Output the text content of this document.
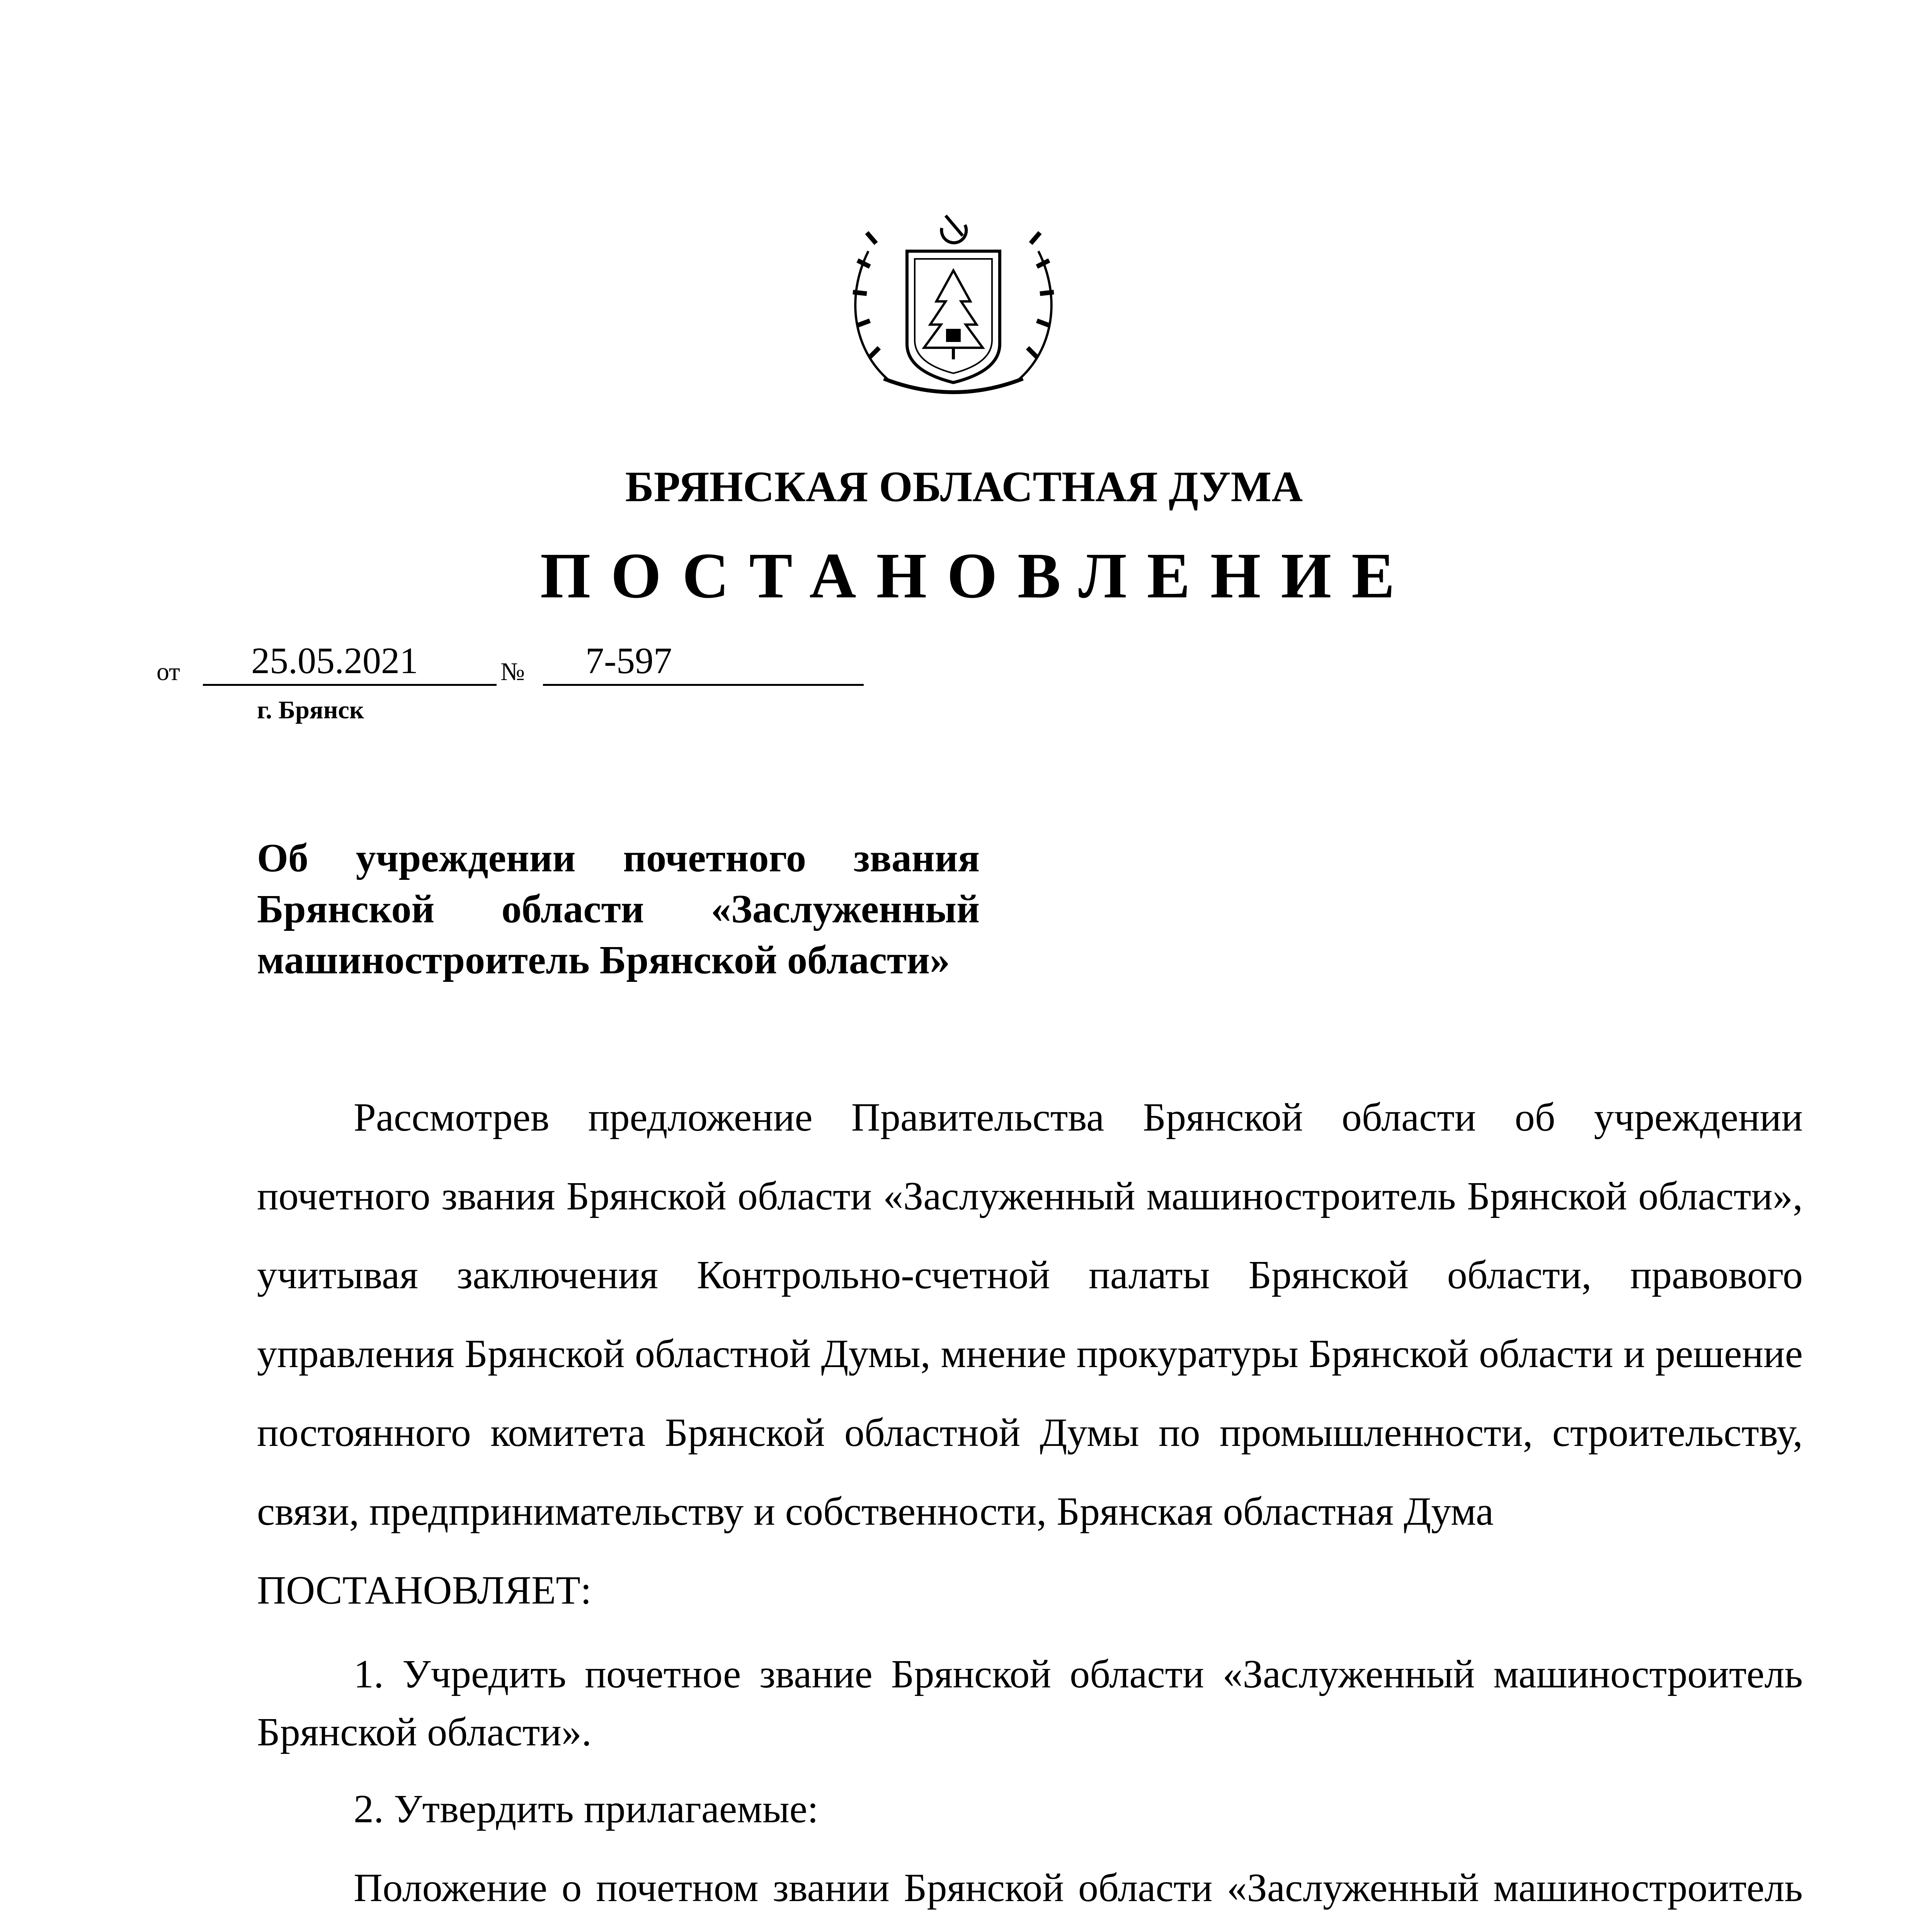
БРЯНСКАЯ ОБЛАСТНАЯ ДУМА
ПОСТАНОВЛЕНИЕ
от 25.05.2021	№ 7-597
г. Брянск
Об учреждении почетного звания Брянской области «Заслуженный машиностроитель Брянской области»

Рассмотрев предложение Правительства Брянской области об учреждении почетного звания Брянской области «Заслуженный машиностроитель Брянской области», учитывая заключения Контрольно-счетной палаты Брянской области, правового управления Брянской областной Думы, мнение прокуратуры Брянской области и решение постоянного комитета Брянской областной Думы по промышленности, строительству, связи, предпринимательству и собственности, Брянская областная Дума

ПОСТАНОВЛЯЕТ:

1. Учредить почетное звание Брянской области «Заслуженный машиностроитель Брянской области».

2. Утвердить прилагаемые:

Положение о почетном звании Брянской области «Заслуженный машиностроитель
